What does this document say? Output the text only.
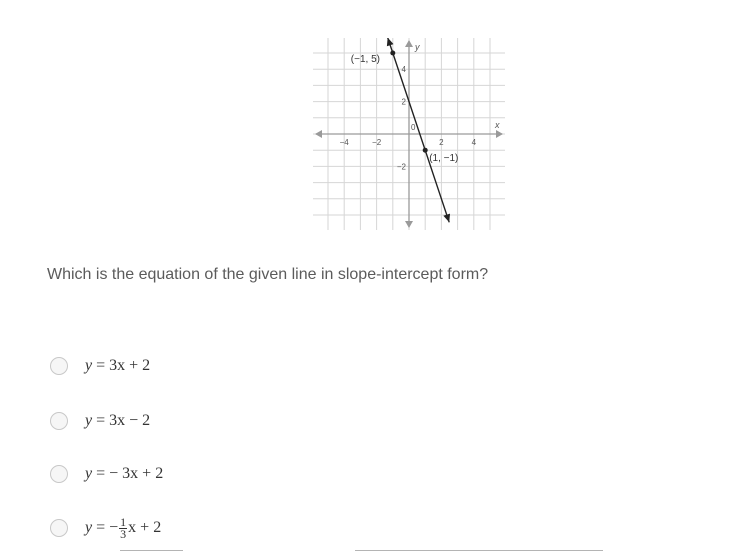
x
y
0
−4	−2	2	4
4
2
−2
(−1, 5)
(1, −1)
Which is the equation of the given line in slope-intercept form?
y = 3x + 2
y = 3x − 2
y = − 3x + 2
y = − $\frac{1}{3}$ x + 2
